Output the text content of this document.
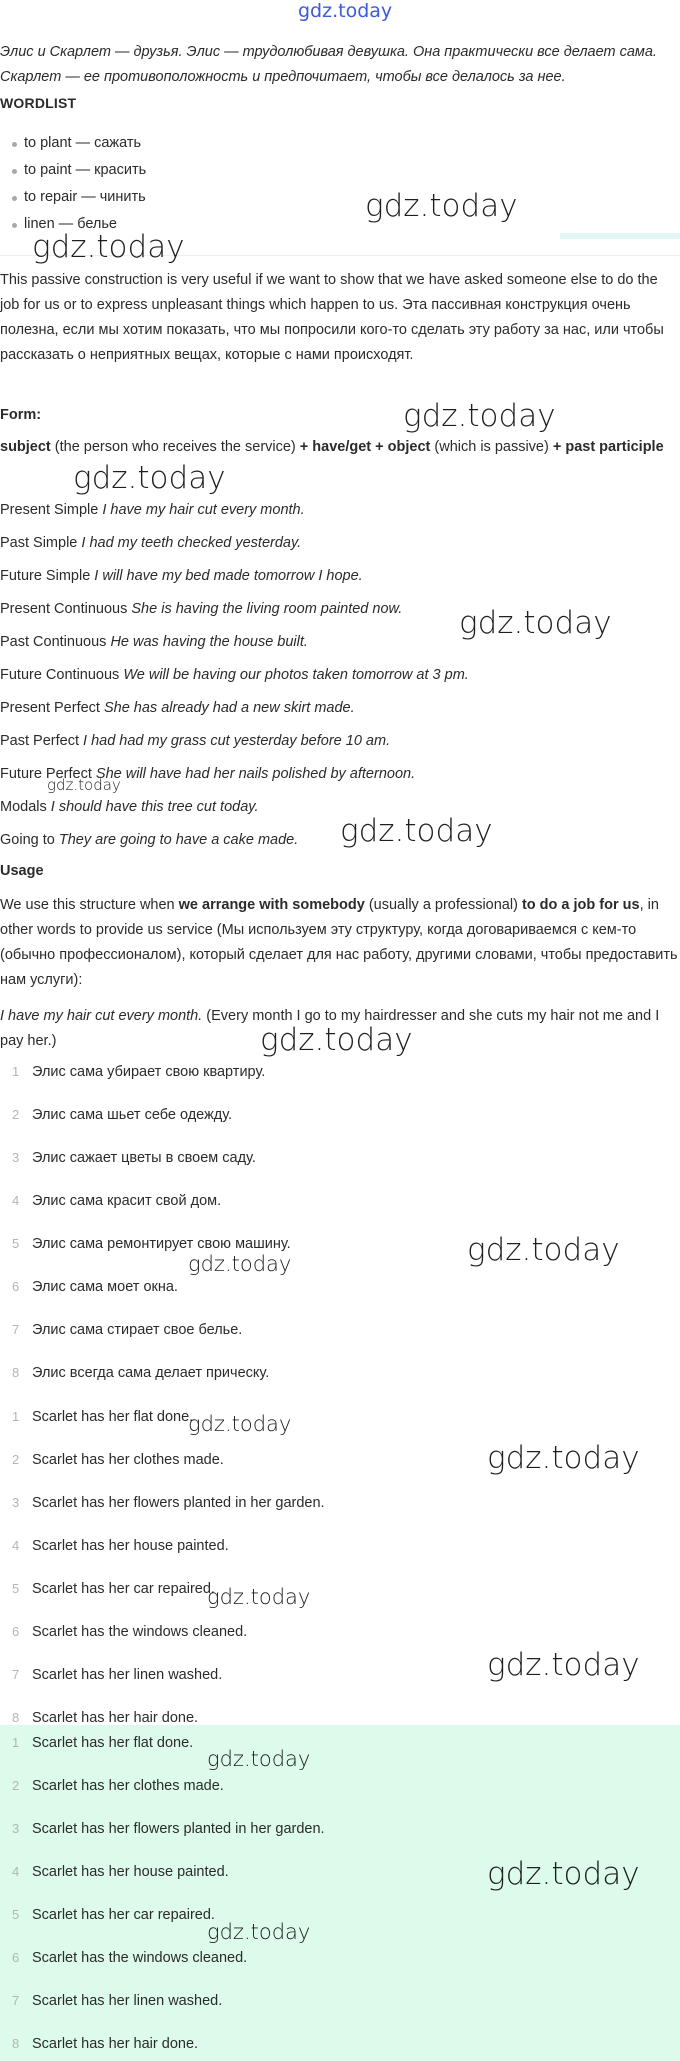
gdz.today
Элис и Скарлет — друзья. Элис — трудолюбивая девушка. Она практически все делает сама. Скарлет — ее противоположность и предпочитает, чтобы все делалось за нее.
WORDLIST
to plant — сажать
to paint — красить
to repair — чинить
linen — белье
This passive construction is very useful if we want to show that we have asked someone else to do the job for us or to express unpleasant things which happen to us. Эта пассивная конструкция очень полезна, если мы хотим показать, что мы попросили кого-то сделать эту работу за нас, или чтобы рассказать о неприятных вещах, которые с нами происходят.
Form:
subject (the person who receives the service) + have/get + object (which is passive) + past participle
Present Simple I have my hair cut every month.
Past Simple I had my teeth checked yesterday.
Future Simple I will have my bed made tomorrow I hope.
Present Continuous She is having the living room painted now.
Past Continuous He was having the house built.
Future Continuous We will be having our photos taken tomorrow at 3 pm.
Present Perfect She has already had a new skirt made.
Past Perfect I had had my grass cut yesterday before 10 am.
Future Perfect She will have had her nails polished by afternoon.
Modals I should have this tree cut today.
Going to They are going to have a cake made.
Usage
We use this structure when we arrange with somebody (usually a professional) to do a job for us, in other words to provide us service (Мы используем эту структуру, когда договариваемся с кем-то (обычно профессионалом), который сделает для нас работу, другими словами, чтобы предоставить нам услуги):
I have my hair cut every month. (Every month I go to my hairdresser and she cuts my hair not me and I pay her.)
1 Элис сама убирает свою квартиру.
2 Элис сама шьет себе одежду.
3 Элис сажает цветы в своем саду.
4 Элис сама красит свой дом.
5 Элис сама ремонтирует свою машину.
6 Элис сама моет окна.
7 Элис сама стирает свое белье.
8 Элис всегда сама делает прическу.
1 Scarlet has her flat done.
2 Scarlet has her clothes made.
3 Scarlet has her flowers planted in her garden.
4 Scarlet has her house painted.
5 Scarlet has her car repaired.
6 Scarlet has the windows cleaned.
7 Scarlet has her linen washed.
8 Scarlet has her hair done.
1 Scarlet has her flat done.
2 Scarlet has her clothes made.
3 Scarlet has her flowers planted in her garden.
4 Scarlet has her house painted.
5 Scarlet has her car repaired.
6 Scarlet has the windows cleaned.
7 Scarlet has her linen washed.
8 Scarlet has her hair done.
gdz.today
gdz.today
gdz.today
gdz.today
gdz.today
gdz.today
gdz.today
gdz.today
gdz.today
gdz.today
gdz.today
gdz.today
gdz.today
gdz.today
gdz.today
gdz.today
gdz.today
